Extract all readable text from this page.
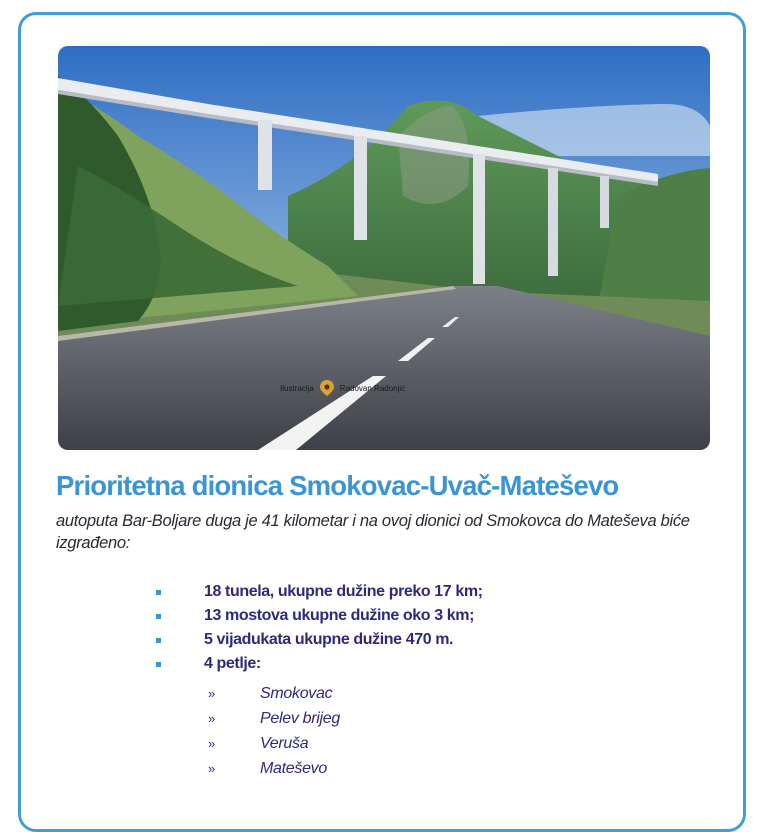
Ilustracija	Radovan Radonjić
Prioritetna dionica Smokovac-Uvač-Mateševo

autoputa Bar-Boljare duga je 41 kilometar i na ovoj dionici od Smokovca do Mateševa biće izgrađeno:

18 tunela, ukupne dužine preko 17 km;
13 mostova ukupne dužine oko 3 km;
5 vijadukata ukupne dužine 470 m.
4 petlje:
»	Smokovac
»	Pelev brijeg
»	Veruša
»	Mateševo
